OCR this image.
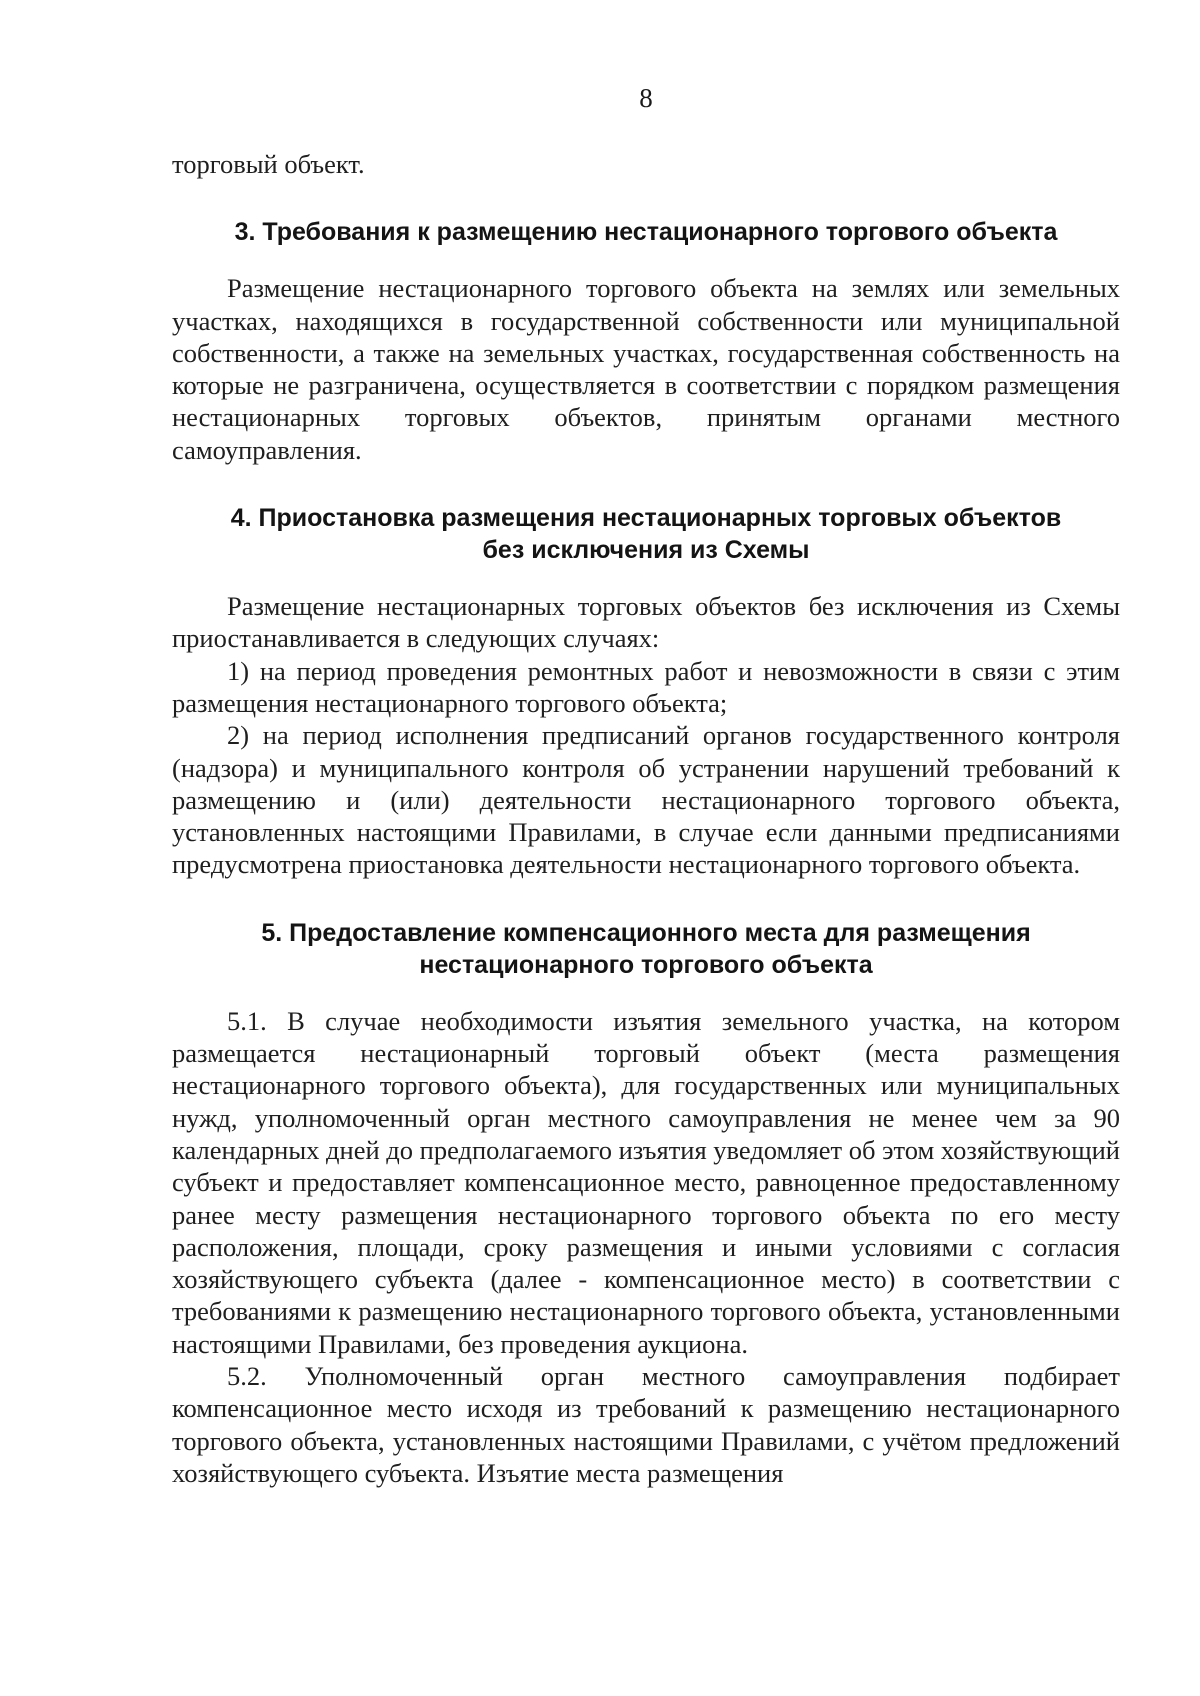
8

торговый объект.

3. Требования к размещению нестационарного торгового объекта

Размещение нестационарного торгового объекта на землях или земельных участках, находящихся в государственной собственности или муниципальной собственности, а также на земельных участках, государственная собственность на которые не разграничена, осуществляется в соответствии с порядком размещения нестационарных торговых объектов, принятым органами местного самоуправления.

4. Приостановка размещения нестационарных торговых объектов
без исключения из Схемы

Размещение нестационарных торговых объектов без исключения из Схемы приостанавливается в следующих случаях:

1) на период проведения ремонтных работ и невозможности в связи с этим размещения нестационарного торгового объекта;

2) на период исполнения предписаний органов государственного контроля (надзора) и муниципального контроля об устранении нарушений требований к размещению и (или) деятельности нестационарного торгового объекта, установленных настоящими Правилами, в случае если данными предписаниями предусмотрена приостановка деятельности нестационарного торгового объекта.

5. Предоставление компенсационного места для размещения
нестационарного торгового объекта

5.1. В случае необходимости изъятия земельного участка, на котором размещается нестационарный торговый объект (места размещения нестационарного торгового объекта), для государственных или муниципальных нужд, уполномоченный орган местного самоуправления не менее чем за 90 календарных дней до предполагаемого изъятия уведомляет об этом хозяйствующий субъект и предоставляет компенсационное место, равноценное предоставленному ранее месту размещения нестационарного торгового объекта по его месту расположения, площади, сроку размещения и иными условиями с согласия хозяйствующего субъекта (далее - компенсационное место) в соответствии с требованиями к размещению нестационарного торгового объекта, установленными настоящими Правилами, без проведения аукциона.

5.2. Уполномоченный орган местного самоуправления подбирает компенсационное место исходя из требований к размещению нестационарного торгового объекта, установленных настоящими Правилами, с учётом предложений хозяйствующего субъекта. Изъятие места размещения
